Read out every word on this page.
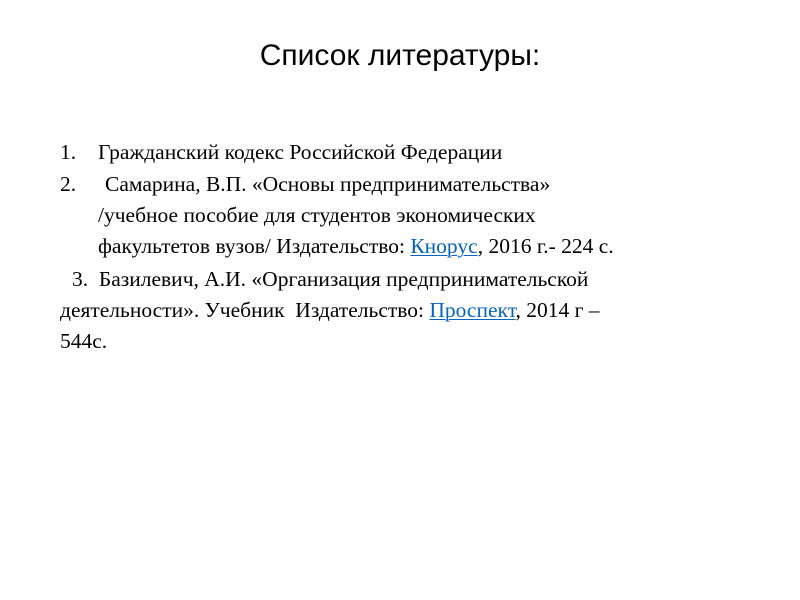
Список литературы:
1. Гражданский кодекс Российской Федерации
2. Самарина, В.П. «Основы предпринимательства»
/учебное пособие для студентов экономических
факультетов вузов/ Издательство: Кнорус, 2016 г.- 224 с.
3. Базилевич, А.И. «Организация предпринимательской
деятельности». Учебник  Издательство: Проспект, 2014 г –
544с.
